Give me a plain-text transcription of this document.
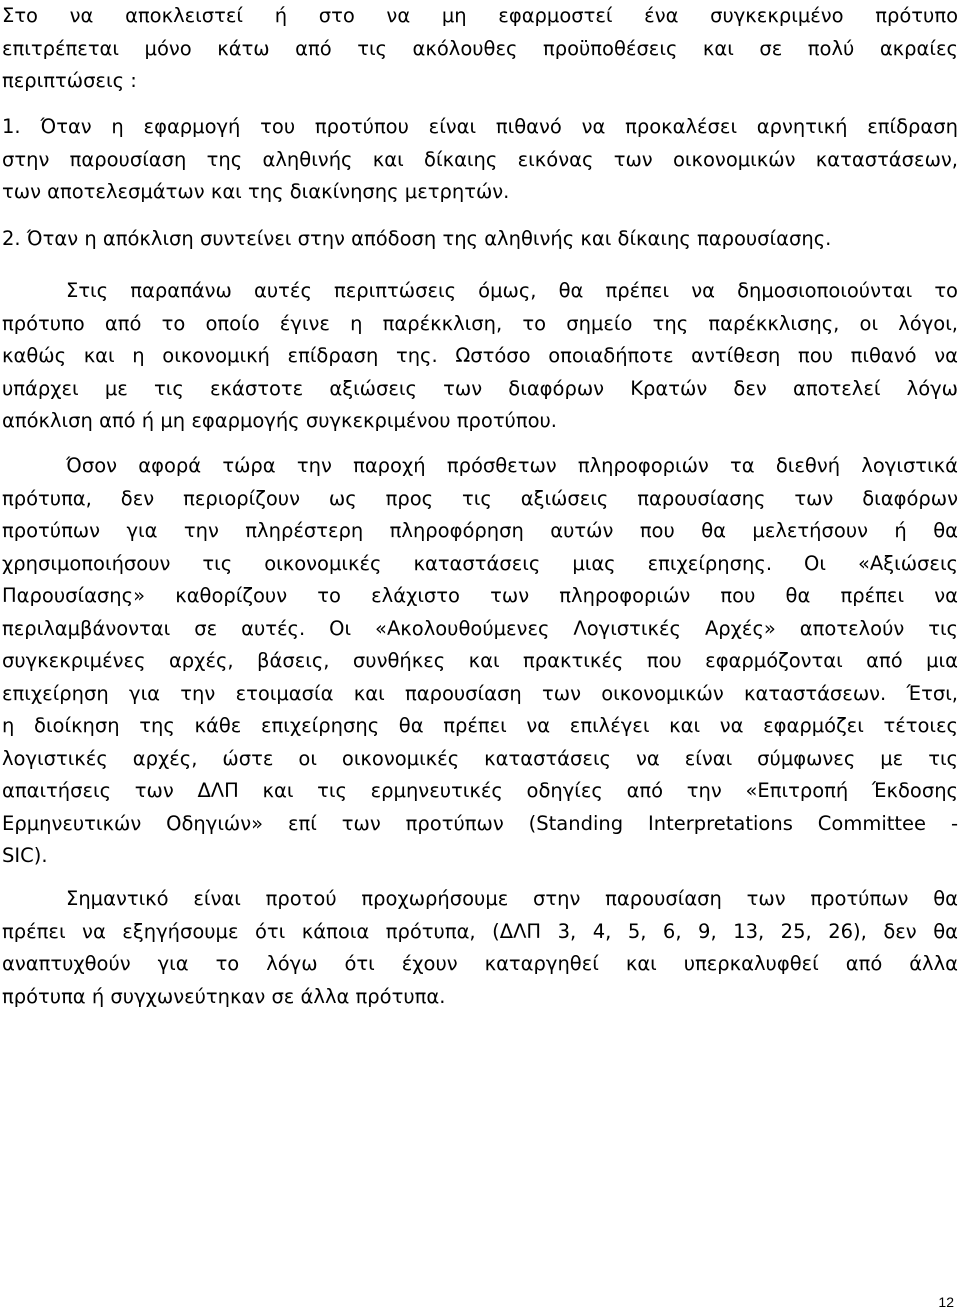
Στο να αποκλειστεί ή στο να μη εφαρμοστεί ένα συγκεκριμένο πρότυπο
επιτρέπεται μόνο κάτω από τις ακόλουθες προϋποθέσεις και σε πολύ ακραίες
περιπτώσεις :
1. Όταν η εφαρμογή του προτύπου είναι πιθανό να προκαλέσει αρνητική επίδραση
στην παρουσίαση της αληθινής και δίκαιης εικόνας των οικονομικών καταστάσεων,
των αποτελεσμάτων και της διακίνησης μετρητών.
2. Όταν η απόκλιση συντείνει στην απόδοση της αληθινής και δίκαιης παρουσίασης.
Στις παραπάνω αυτές περιπτώσεις όμως, θα πρέπει να δημοσιοποιούνται το
πρότυπο από το οποίο έγινε η παρέκκλιση, το σημείο της παρέκκλισης, οι λόγοι,
καθώς και η οικονομική επίδραση της. Ωστόσο οποιαδήποτε αντίθεση που πιθανό να
υπάρχει με τις εκάστοτε αξιώσεις των διαφόρων Κρατών δεν αποτελεί λόγω
απόκλιση από ή μη εφαρμογής συγκεκριμένου προτύπου.
Όσον αφορά τώρα την παροχή πρόσθετων πληροφοριών τα διεθνή λογιστικά
πρότυπα, δεν περιορίζουν ως προς τις αξιώσεις παρουσίασης των διαφόρων
προτύπων για την πληρέστερη πληροφόρηση αυτών που θα μελετήσουν ή θα
χρησιμοποιήσουν τις οικονομικές καταστάσεις μιας επιχείρησης. Οι «Αξιώσεις
Παρουσίασης» καθορίζουν το ελάχιστο των πληροφοριών που θα πρέπει να
περιλαμβάνονται σε αυτές. Οι «Ακολουθούμενες Λογιστικές Αρχές» αποτελούν τις
συγκεκριμένες αρχές, βάσεις, συνθήκες και πρακτικές που εφαρμόζονται από μια
επιχείρηση για την ετοιμασία και παρουσίαση των οικονομικών καταστάσεων. Έτσι,
η διοίκηση της κάθε επιχείρησης θα πρέπει να επιλέγει και να εφαρμόζει τέτοιες
λογιστικές αρχές, ώστε οι οικονομικές καταστάσεις να είναι σύμφωνες με τις
απαιτήσεις των ΔΛΠ και τις ερμηνευτικές οδηγίες από την «Επιτροπή Έκδοσης
Ερμηνευτικών Οδηγιών» επί των προτύπων (Standing Interpretations Committee -
SIC).
Σημαντικό είναι προτού προχωρήσουμε στην παρουσίαση των προτύπων θα
πρέπει να εξηγήσουμε ότι κάποια πρότυπα, (ΔΛΠ 3, 4, 5, 6, 9, 13, 25, 26), δεν θα
αναπτυχθούν για το λόγω ότι έχουν καταργηθεί και υπερκαλυφθεί από άλλα
πρότυπα ή συγχωνεύτηκαν σε άλλα πρότυπα.
12
